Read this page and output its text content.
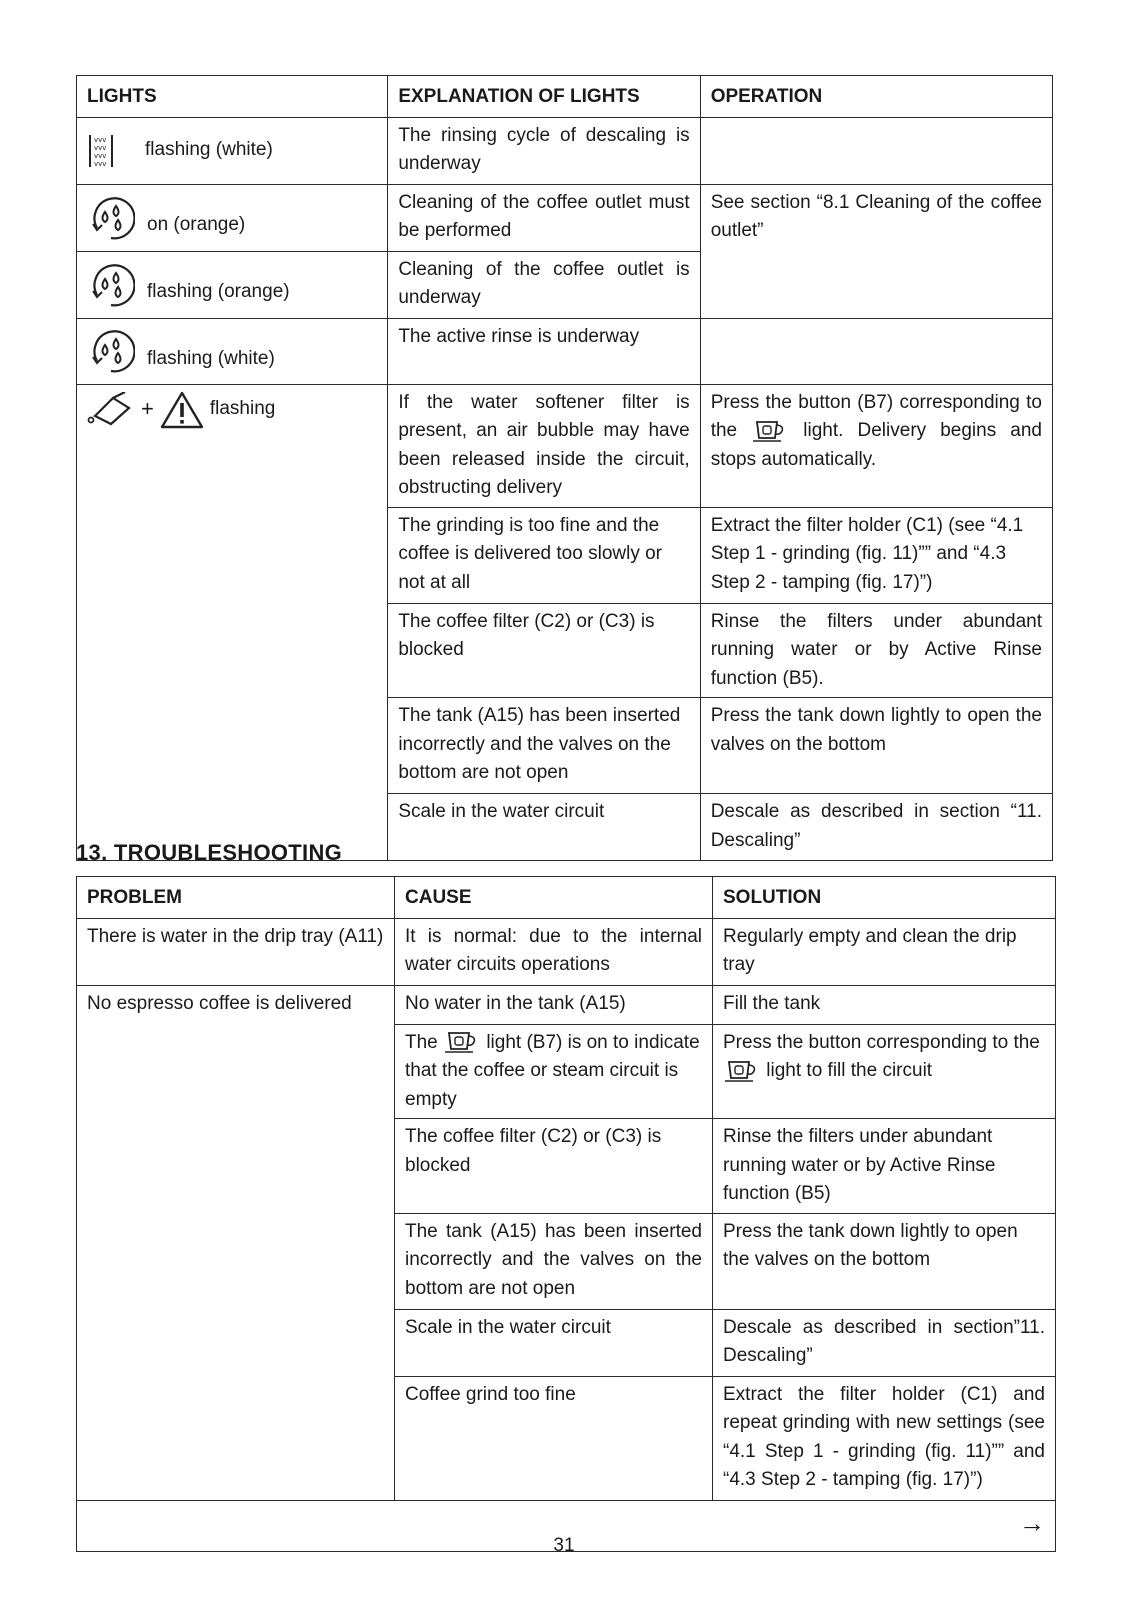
LIGHTS	EXPLANATION OF LIGHTS	OPERATION

vvv
vvv
vvv
vvv
flashing (white)	The rinsing cycle of descaling is underway	

on (orange)	Cleaning of the coffee outlet must be performed	See section “8.1 Cleaning of the coffee outlet”

flashing (orange)	Cleaning of the coffee outlet is underway	

flashing (white)	The active rinse is underway	

+ flashing	If the water softener filter is present, an air bubble may have been released inside the circuit, obstructing delivery	Press the button (B7) corresponding to the light. Delivery begins and stops automatically.
	The grinding is too fine and the coffee is delivered too slowly or not at all	Extract the filter holder (C1) (see “4.1 Step 1 - grinding (fig. 11)”” and “4.3 Step 2 - tamping (fig. 17)”)
	The coffee filter (C2) or (C3) is blocked	Rinse the filters under abundant running water or by Active Rinse function (B5).
	The tank (A15) has been inserted incorrectly and the valves on the bottom are not open	Press the tank down lightly to open the valves on the bottom
	Scale in the water circuit	Descale as described in section “11. Descaling”
13. TROUBLESHOOTING
PROBLEM	CAUSE	SOLUTION
There is water in the drip tray (A11)	It is normal: due to the internal water circuits operations	Regularly empty and clean the drip tray
No espresso coffee is delivered	No water in the tank (A15)	Fill the tank
	The light (B7) is on to indicate that the coffee or steam circuit is empty	Press the button corresponding to the  light to fill the circuit
	The coffee filter (C2) or (C3) is blocked	Rinse the filters under abundant running water or by Active Rinse function (B5)
	The tank (A15) has been inserted incorrectly and the valves on the bottom are not open	Press the tank down lightly to open the valves on the bottom
	Scale in the water circuit	Descale as described in section”11. Descaling”
	Coffee grind too fine	Extract the filter holder (C1) and repeat grinding with new settings (see “4.1 Step 1 - grinding (fig. 11)”” and “4.3 Step 2 - tamping (fig. 17)”)

→		
31
